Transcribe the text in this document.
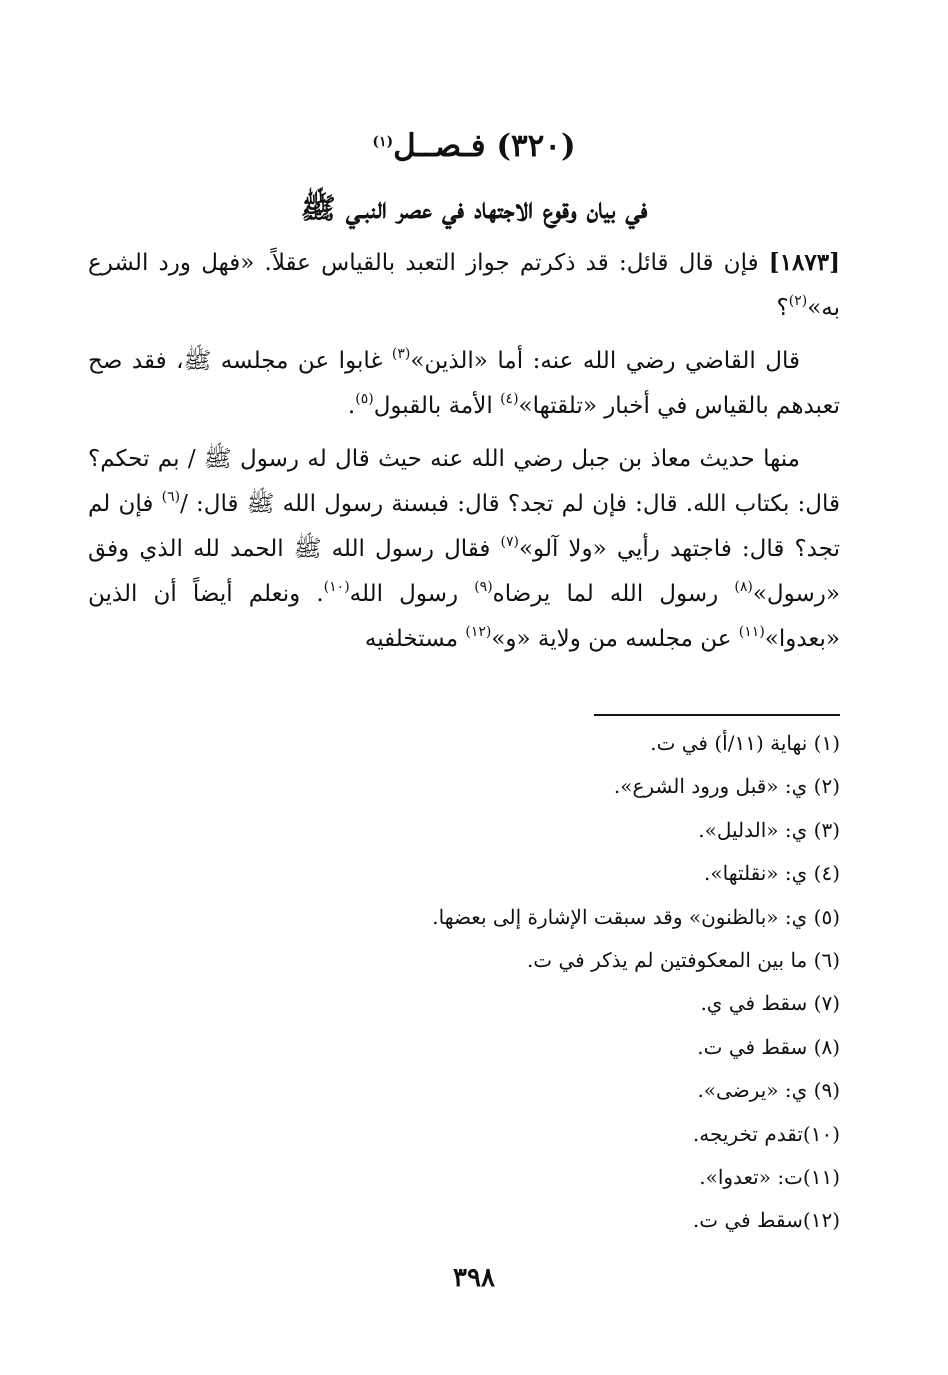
(٣٢٠) فـصــل$^{(١)}$
في بيان وقوع الاجتهاد في عصر النبـي ﷺ

[١٨٧٣] فإن قال قائل: قد ذكرتم جواز التعبد بالقياس عقلاً. «فهل ورد الشرع به»$^{(٢)}$؟

قال القاضي رضي الله عنه: أما «الذين»$^{(٣)}$ غابوا عن مجلسه ﷺ، فقد صح تعبدهم بالقياس في أخبار «تلقتها»$^{(٤)}$ الأمة بالقبول$^{(٥)}$.

منها حديث معاذ بن جبل رضي الله عنه حيث قال له رسول ﷺ / بم تحكم؟ قال: بكتاب الله. قال: فإن لم تجد؟ قال: فبسنة رسول الله ﷺ قال: /$^{(٦)}$ فإن لم تجد؟ قال: فاجتهد رأيي «ولا آلو»$^{(٧)}$ فقال رسول الله ﷺ الحمد لله الذي وفق «رسول»$^{(٨)}$ رسول الله لما يرضاه$^{(٩)}$ رسول الله$^{(١٠)}$. ونعلم أيضاً أن الذين «بعدوا»$^{(١١)}$ عن مجلسه من ولاية «و»$^{(١٢)}$ مستخلفيه

(١) نهاية (١١/أ) في ت.
(٢) ي: «قبل ورود الشرع».
(٣) ي: «الدليل».
(٤) ي: «نقلتها».
(٥) ي: «بالظنون» وقد سبقت الإشارة إلى بعضها.
(٦) ما بين المعكوفتين لم يذكر في ت.
(٧) سقط في ي.
(٨) سقط في ت.
(٩) ي: «يرضى».
(١٠)تقدم تخريجه.
(١١)ت: «تعدوا».
(١٢)سقط في ت.
٣٩٨
